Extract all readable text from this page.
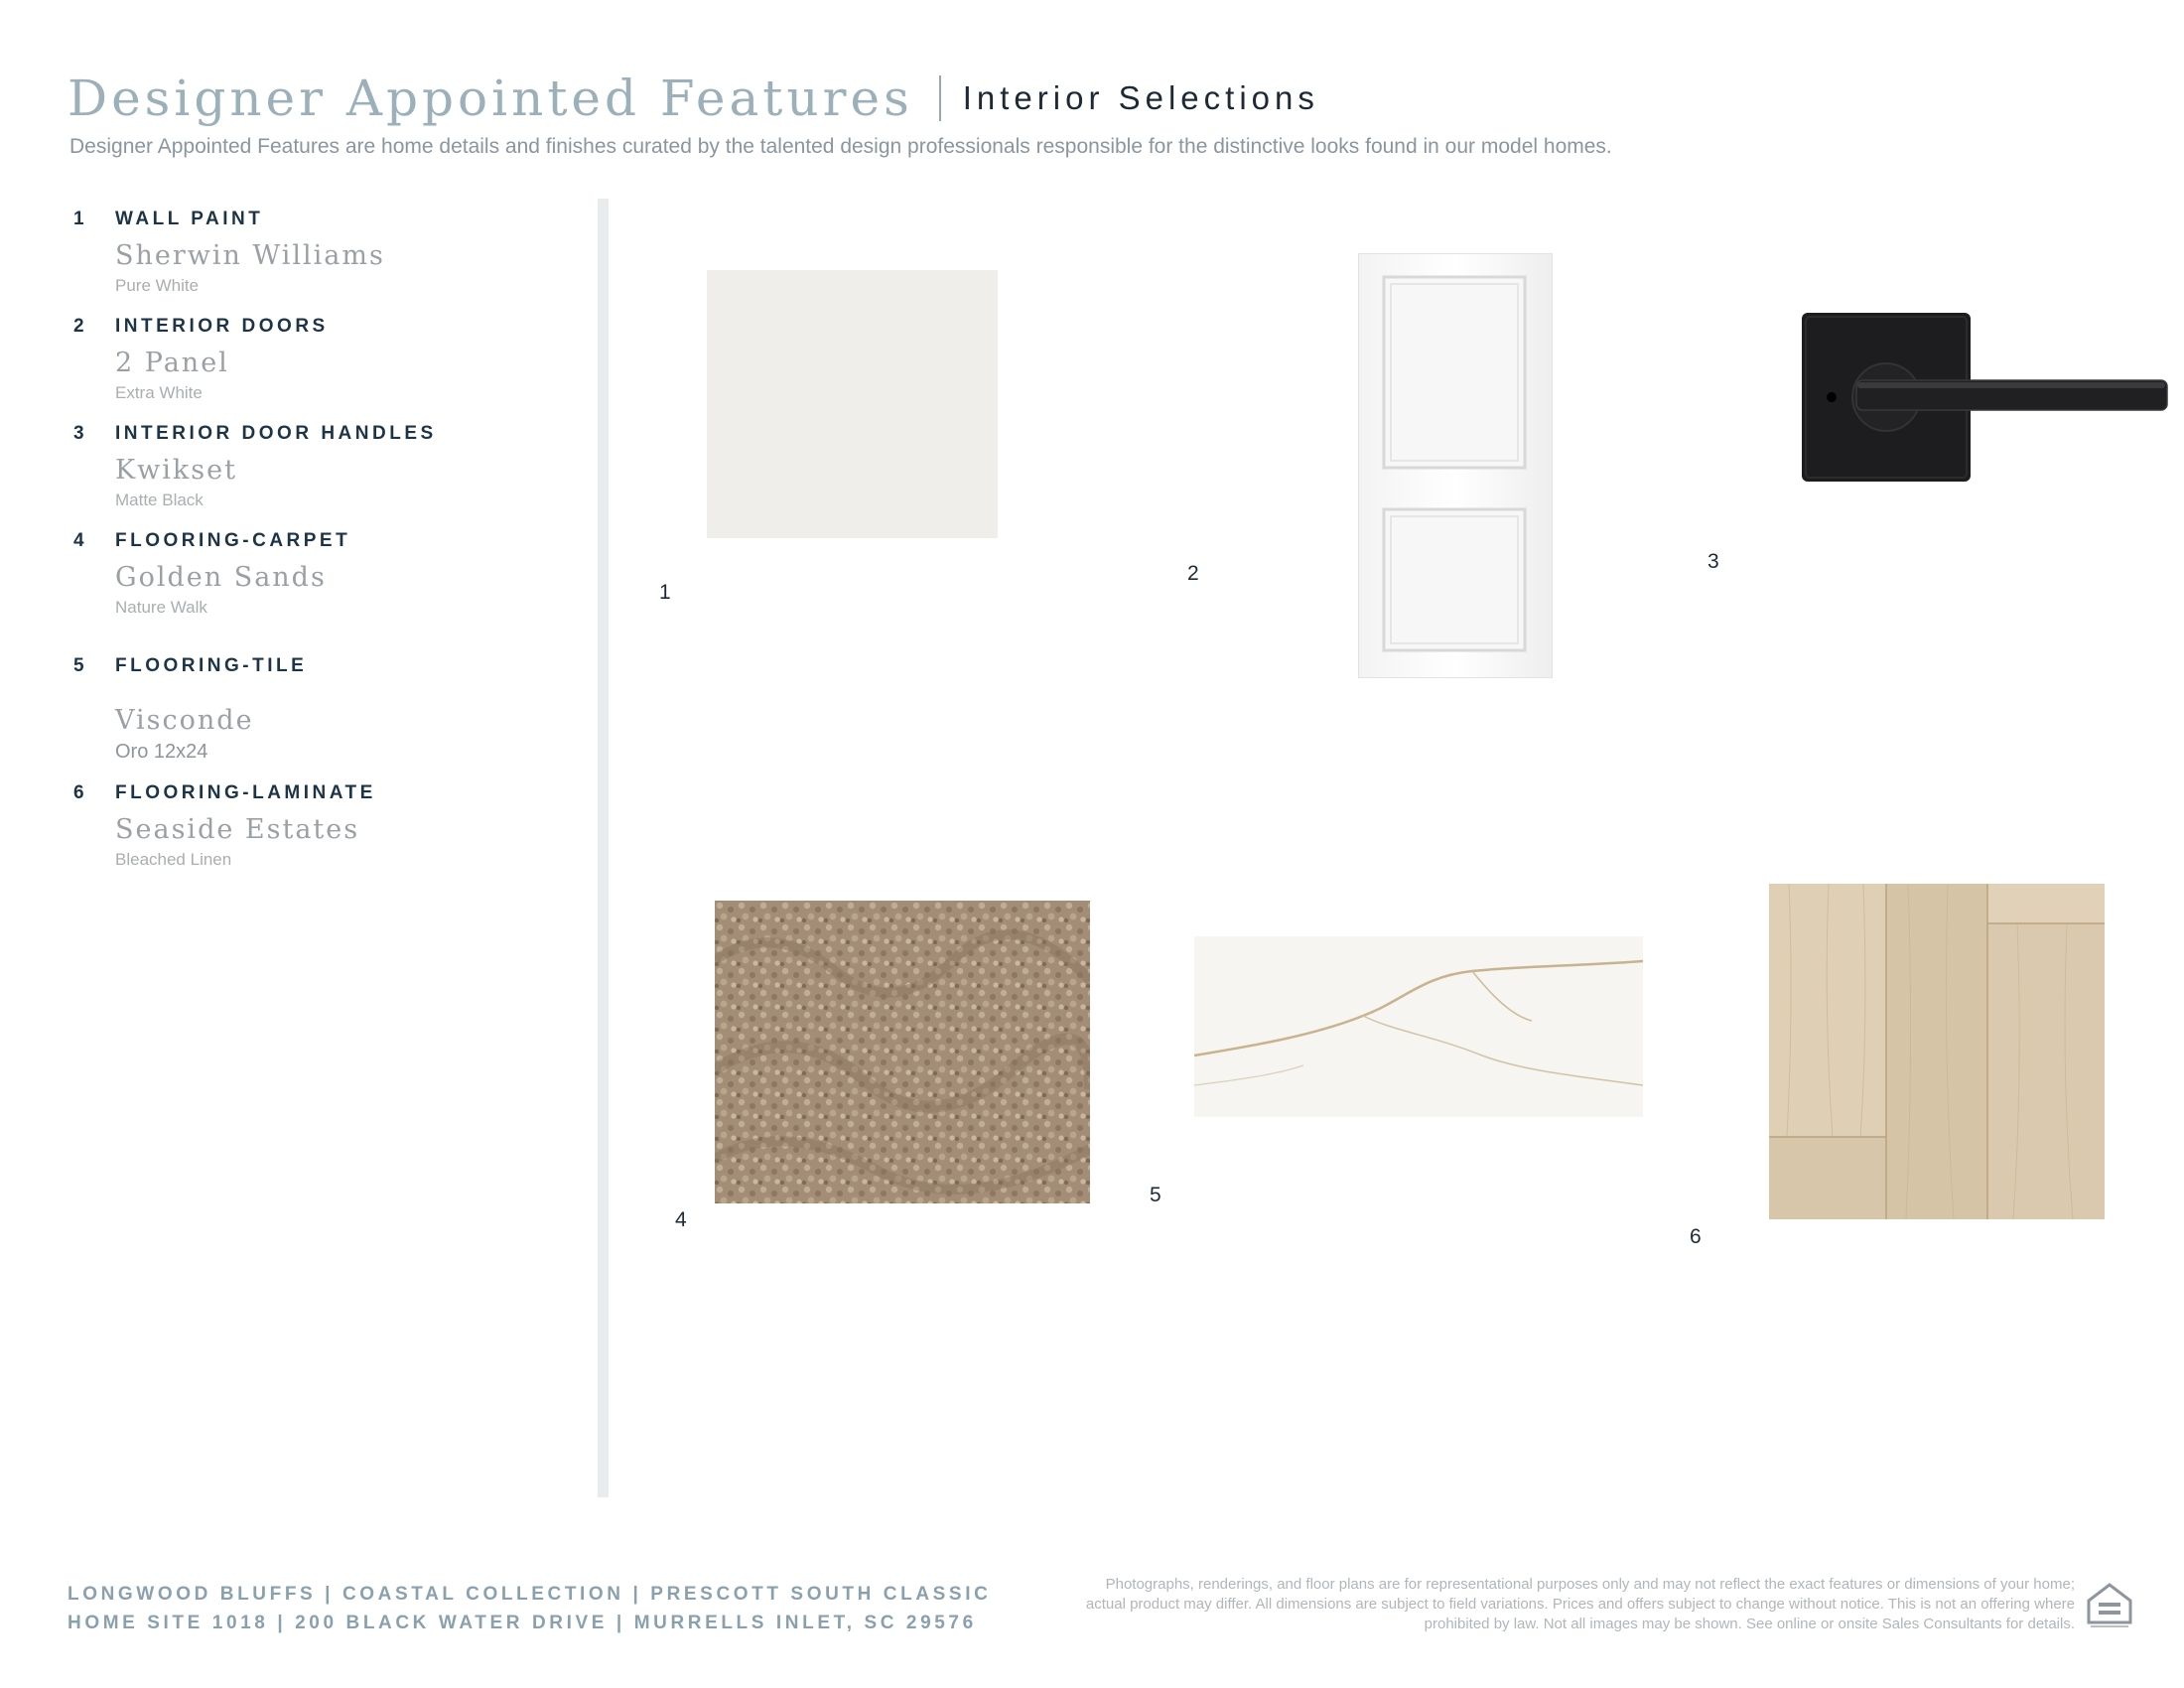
Designer Appointed Features Interior Selections
Designer Appointed Features are home details and finishes curated by the talented design professionals responsible for the distinctive looks found in our model homes.
1 WALL PAINT
Sherwin Williams
Pure White
2 INTERIOR DOORS
2 Panel
Extra White
3 INTERIOR DOOR HANDLES
Kwikset
Matte Black
4 FLOORING-CARPET
Golden Sands
Nature Walk
5 FLOORING-TILE
Visconde
Oro 12x24
6 FLOORING-LAMINATE
Seaside Estates
Bleached Linen
1
2
3
4
5
6
LONGWOOD BLUFFS | COASTAL COLLECTION | PRESCOTT SOUTH CLASSIC
HOME SITE 1018 | 200 BLACK WATER DRIVE | MURRELLS INLET, SC 29576
Photographs, renderings, and floor plans are for representational purposes only and may not reflect the exact features or dimensions of your home; actual product may differ. All dimensions are subject to field variations. Prices and offers subject to change without notice. This is not an offering where prohibited by law. Not all images may be shown. See online or onsite Sales Consultants for details.
